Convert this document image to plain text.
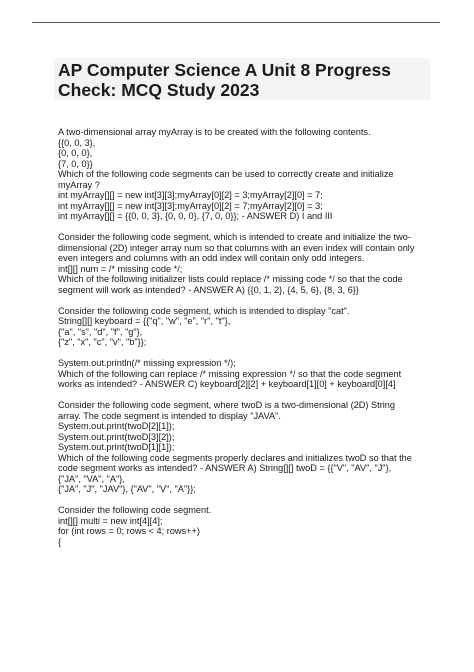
AP Computer Science A Unit 8 Progress
Check: MCQ Study 2023
A two-dimensional array myArray is to be created with the following contents.
{{0, 0, 3},
{0, 0, 0},
{7, 0, 0}}
Which of the following code segments can be used to correctly create and initialize
myArray ?
int myArray[][] = new int[3][3];myArray[0][2] = 3;myArray[2][0] = 7;
int myArray[][] = new int[3][3];myArray[0][2] = 7;myArray[2][0] = 3;
int myArray[][] = {{0, 0, 3}, {0, 0, 0}, {7, 0, 0}}; - ANSWER D) I and III
Consider the following code segment, which is intended to create and initialize the two-
dimensional (2D) integer array num so that columns with an even index will contain only
even integers and columns with an odd index will contain only odd integers.
int[][] num = /* missing code */;
Which of the following initializer lists could replace /* missing code */ so that the code
segment will work as intended? - ANSWER A) {{0, 1, 2}, {4, 5, 6}, {8, 3, 6}}
Consider the following code segment, which is intended to display "cat".
String[][] keyboard = {{"q", "w", "e", "r", "t"},
{"a", "s", "d", "f", "g"},
{"z", "x", "c", "v", "b"}};
System.out.println(/* missing expression */);
Which of the following can replace /* missing expression */ so that the code segment
works as intended? - ANSWER C) keyboard[2][2] + keyboard[1][0] + keyboard[0][4]
Consider the following code segment, where twoD is a two-dimensional (2D) String
array. The code segment is intended to display "JAVA".
System.out.print(twoD[2][1]);
System.out.print(twoD[3][2]);
System.out.print(twoD[1][1]);
Which of the following code segments properly declares and initializes twoD so that the
code segment works as intended? - ANSWER A) String[][] twoD = {{"V", "AV", "J"},
{"JA", "VA", "A"},
{"JA", "J", "JAV"}, {"AV", "V", "A"}};
Consider the following code segment.
int[][] multi = new int[4][4];
for (int rows = 0; rows < 4; rows++)
{
